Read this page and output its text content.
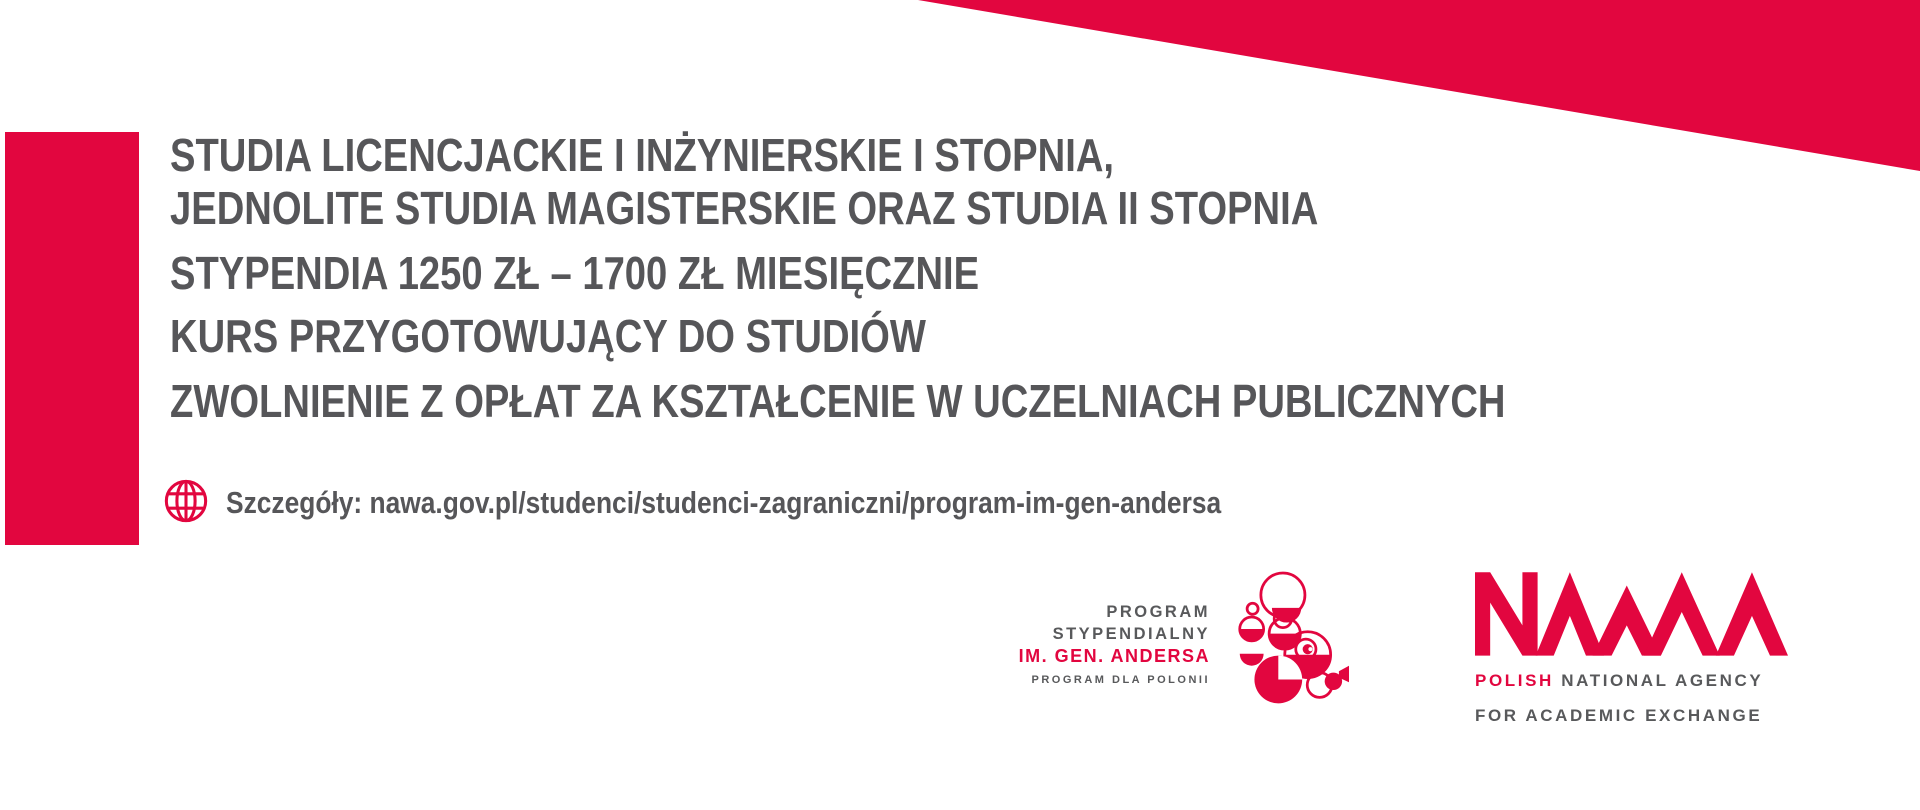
STUDIA LICENCJACKIE I INŻYNIERSKIE I STOPNIA,
JEDNOLITE STUDIA MAGISTERSKIE ORAZ STUDIA II STOPNIA
STYPENDIA 1250 ZŁ – 1700 ZŁ MIESIĘCZNIE
KURS PRZYGOTOWUJĄCY DO STUDIÓW
ZWOLNIENIE Z OPŁAT ZA KSZTAŁCENIE W UCZELNIACH PUBLICZNYCH
Szczegóły: nawa.gov.pl/studenci/studenci-zagraniczni/program-im-gen-andersa
PROGRAM
STYPENDIALNY
IM. GEN. ANDERSA
PROGRAM DLA POLONII	POLISH NATIONAL AGENCY
FOR ACADEMIC EXCHANGE
